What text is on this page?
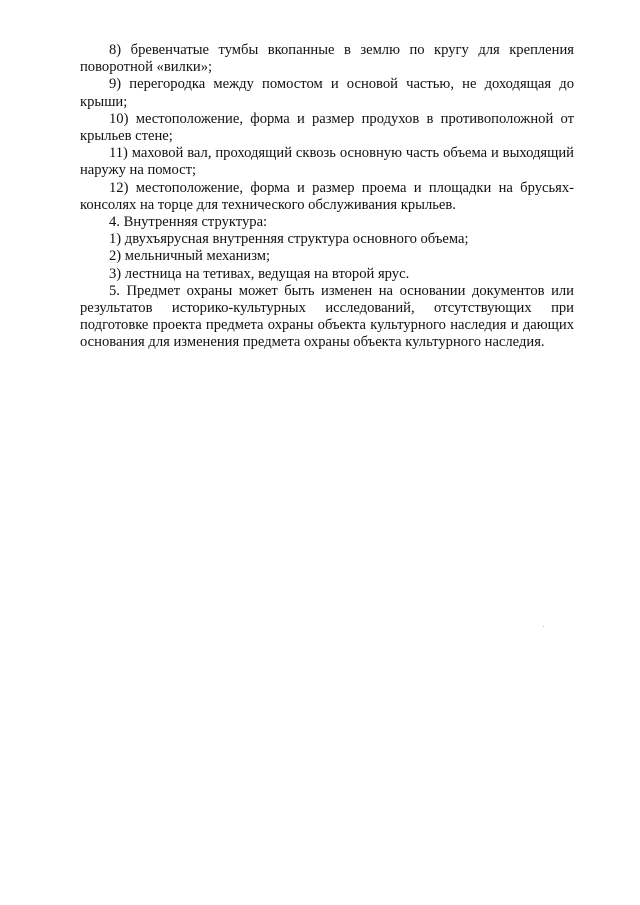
8) бревенчатые тумбы вкопанные в землю по кругу для крепления поворотной «вилки»;

9) перегородка между помостом и основой частью, не доходящая до крыши;

10) местоположение, форма и размер продухов в противоположной от крыльев стене;

11) маховой вал, проходящий сквозь основную часть объема и выходящий наружу на помост;

12) местоположение, форма и размер проема и площадки на брусьях-консолях на торце для технического обслуживания крыльев.

4. Внутренняя структура:

1) двухъярусная внутренняя структура основного объема;

2) мельничный механизм;

3) лестница на тетивах, ведущая на второй ярус.

5. Предмет охраны может быть изменен на основании документов или результатов историко-культурных исследований, отсутствующих при подготовке проекта предмета охраны объекта культурного наследия и дающих основания для изменения предмета охраны объекта культурного наследия.
